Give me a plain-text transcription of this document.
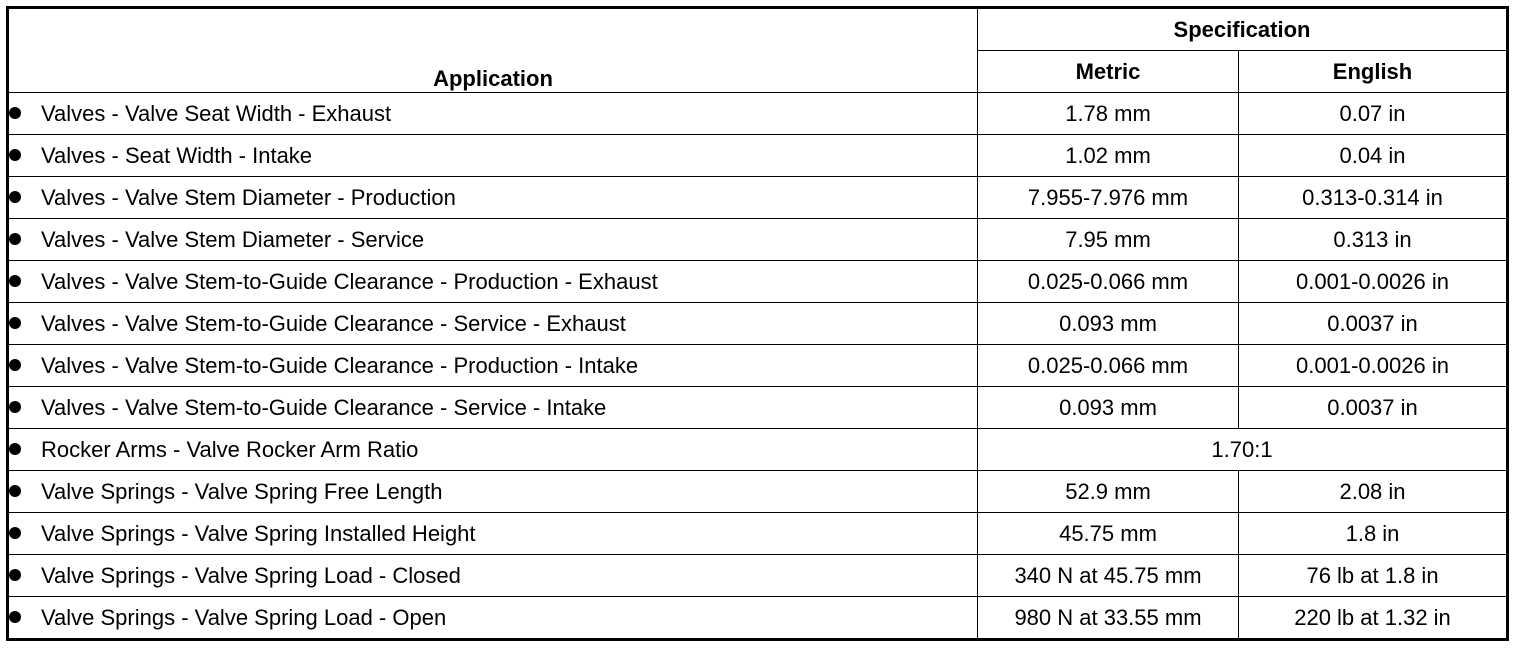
Application	Specification	
	Metric	English
Valves - Valve Seat Width - Exhaust	1.78 mm	0.07 in
Valves - Seat Width - Intake	1.02 mm	0.04 in
Valves - Valve Stem Diameter - Production	7.955-7.976 mm	0.313-0.314 in
Valves - Valve Stem Diameter - Service	7.95 mm	0.313 in
Valves - Valve Stem-to-Guide Clearance - Production - Exhaust	0.025-0.066 mm	0.001-0.0026 in
Valves - Valve Stem-to-Guide Clearance - Service - Exhaust	0.093 mm	0.0037 in
Valves - Valve Stem-to-Guide Clearance - Production - Intake	0.025-0.066 mm	0.001-0.0026 in
Valves - Valve Stem-to-Guide Clearance - Service - Intake	0.093 mm	0.0037 in
Rocker Arms - Valve Rocker Arm Ratio	1.70:1	
Valve Springs - Valve Spring Free Length	52.9 mm	2.08 in
Valve Springs - Valve Spring Installed Height	45.75 mm	1.8 in
Valve Springs - Valve Spring Load - Closed	340 N at 45.75 mm	76 lb at 1.8 in
Valve Springs - Valve Spring Load - Open	980 N at 33.55 mm	220 lb at 1.32 in
